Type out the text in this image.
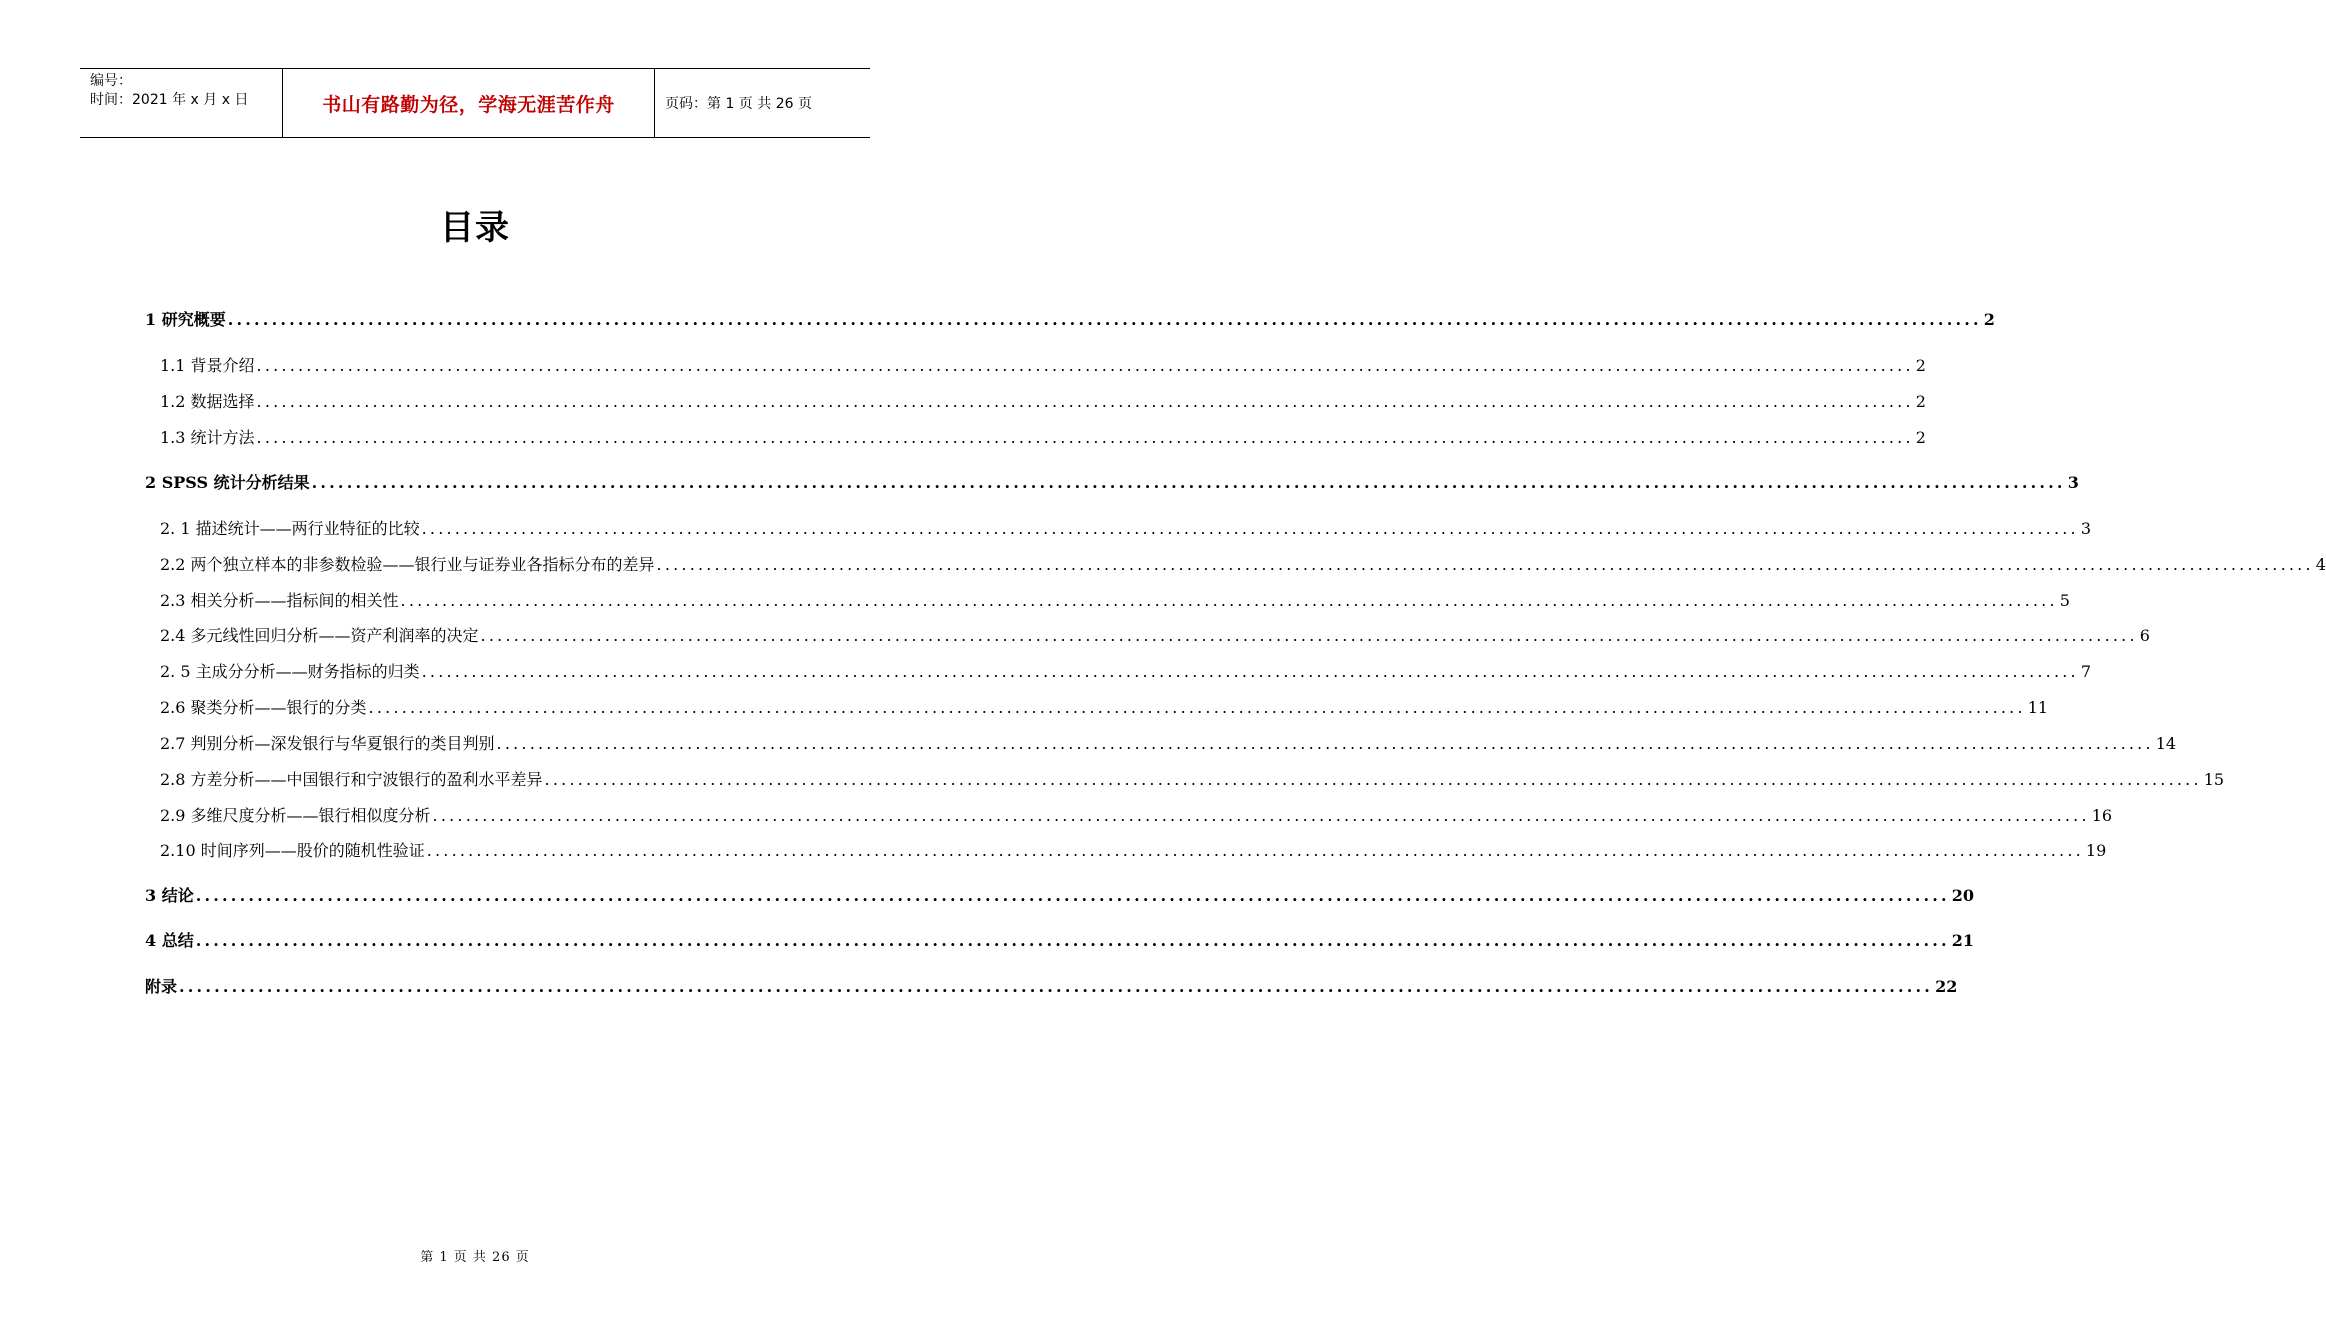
编号：
时间：2021 年 x 月 x 日	书山有路勤为径，学海无涯苦作舟	页码：第 1 页 共 26 页
目录
1 研究概要 ........................................................................................................................................................................................................ 2
1.1 背景介绍 ........................................................................................................................................................................................................ 2
1.2 数据选择 ........................................................................................................................................................................................................ 2
1.3 统计方法 ........................................................................................................................................................................................................ 2
2 SPSS 统计分析结果 ........................................................................................................................................................................................................ 3
2. 1 描述统计——两行业特征的比较 ........................................................................................................................................................................................................ 3
2.2 两个独立样本的非参数检验——银行业与证券业各指标分布的差异 ........................................................................................................................................................................................................ 4
2.3 相关分析——指标间的相关性 ........................................................................................................................................................................................................ 5
2.4 多元线性回归分析——资产利润率的决定 ........................................................................................................................................................................................................ 6
2. 5 主成分分析——财务指标的归类 ........................................................................................................................................................................................................ 7
2.6 聚类分析——银行的分类 ........................................................................................................................................................................................................ 11
2.7 判别分析—深发银行与华夏银行的类目判别 ........................................................................................................................................................................................................ 14
2.8 方差分析——中国银行和宁波银行的盈利水平差异 ........................................................................................................................................................................................................ 15
2.9 多维尺度分析——银行相似度分析 ........................................................................................................................................................................................................ 16
2.10 时间序列——股价的随机性验证 ........................................................................................................................................................................................................ 19
3 结论 ........................................................................................................................................................................................................ 20
4 总结 ........................................................................................................................................................................................................ 21
附录 ........................................................................................................................................................................................................ 22
第 1 页 共 26 页
